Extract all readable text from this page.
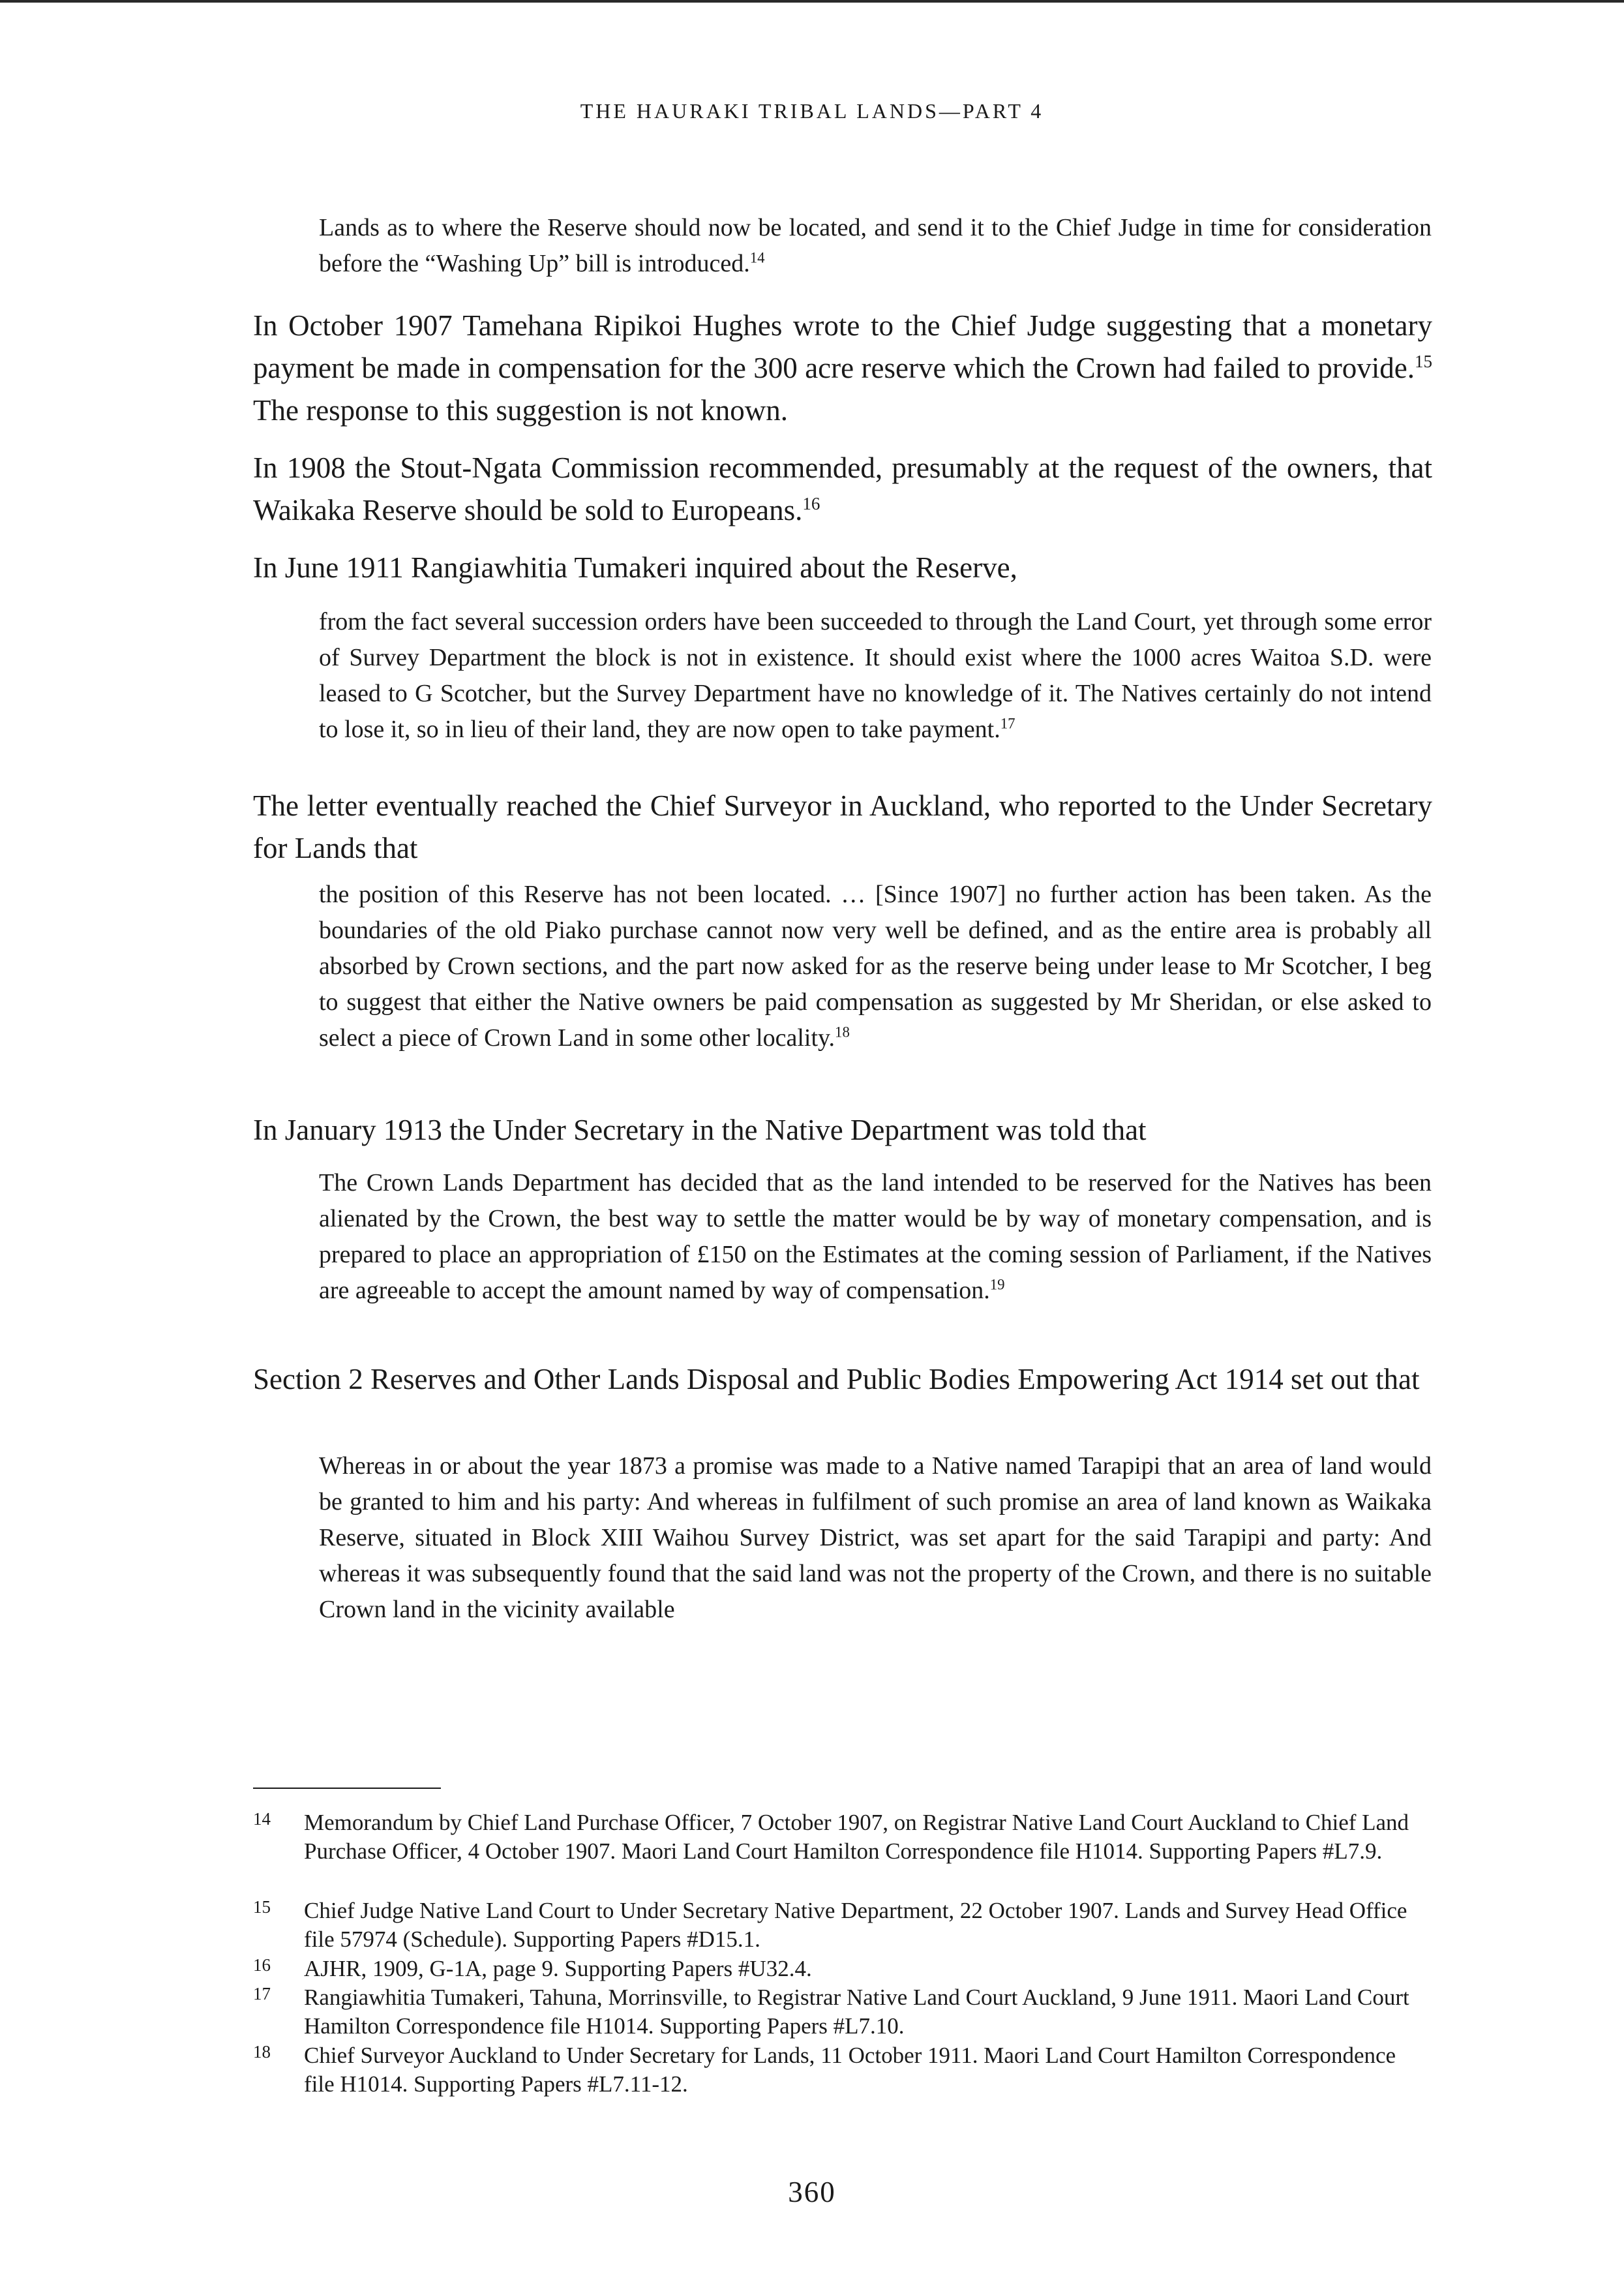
THE HAURAKI TRIBAL LANDS—PART 4

Lands as to where the Reserve should now be located, and send it to the Chief Judge in time for consideration before the “Washing Up” bill is introduced.$^{14}$

In October 1907 Tamehana Ripikoi Hughes wrote to the Chief Judge suggesting that a monetary payment be made in compensation for the 300 acre reserve which the Crown had failed to provide.$^{15}$ The response to this suggestion is not known.

In 1908 the Stout-Ngata Commission recommended, presumably at the request of the owners, that Waikaka Reserve should be sold to Europeans.$^{16}$

In June 1911 Rangiawhitia Tumakeri inquired about the Reserve,

from the fact several succession orders have been succeeded to through the Land Court, yet through some error of Survey Department the block is not in existence. It should exist where the 1000 acres Waitoa S.D. were leased to G Scotcher, but the Survey Department have no knowledge of it. The Natives certainly do not intend to lose it, so in lieu of their land, they are now open to take payment.$^{17}$

The letter eventually reached the Chief Surveyor in Auckland, who reported to the Under Secretary for Lands that

the position of this Reserve has not been located. … [Since 1907] no further action has been taken. As the boundaries of the old Piako purchase cannot now very well be defined, and as the entire area is probably all absorbed by Crown sections, and the part now asked for as the reserve being under lease to Mr Scotcher, I beg to suggest that either the Native owners be paid compensation as suggested by Mr Sheridan, or else asked to select a piece of Crown Land in some other locality.$^{18}$

In January 1913 the Under Secretary in the Native Department was told that

The Crown Lands Department has decided that as the land intended to be reserved for the Natives has been alienated by the Crown, the best way to settle the matter would be by way of monetary compensation, and is prepared to place an appropriation of £150 on the Estimates at the coming session of Parliament, if the Natives are agreeable to accept the amount named by way of compensation.$^{19}$

Section 2 Reserves and Other Lands Disposal and Public Bodies Empowering Act 1914 set out that

Whereas in or about the year 1873 a promise was made to a Native named Tarapipi that an area of land would be granted to him and his party: And whereas in fulfilment of such promise an area of land known as Waikaka Reserve, situated in Block XIII Waihou Survey District, was set apart for the said Tarapipi and party: And whereas it was subsequently found that the said land was not the property of the Crown, and there is no suitable Crown land in the vicinity available

14 Memorandum by Chief Land Purchase Officer, 7 October 1907, on Registrar Native Land Court Auckland to Chief Land Purchase Officer, 4 October 1907. Maori Land Court Hamilton Correspondence file H1014. Supporting Papers #L7.9.
15 Chief Judge Native Land Court to Under Secretary Native Department, 22 October 1907. Lands and Survey Head Office file 57974 (Schedule). Supporting Papers #D15.1.
16 AJHR, 1909, G-1A, page 9. Supporting Papers #U32.4.
17 Rangiawhitia Tumakeri, Tahuna, Morrinsville, to Registrar Native Land Court Auckland, 9 June 1911. Maori Land Court Hamilton Correspondence file H1014. Supporting Papers #L7.10.
18 Chief Surveyor Auckland to Under Secretary for Lands, 11 October 1911. Maori Land Court Hamilton Correspondence file H1014. Supporting Papers #L7.11-12.
360
